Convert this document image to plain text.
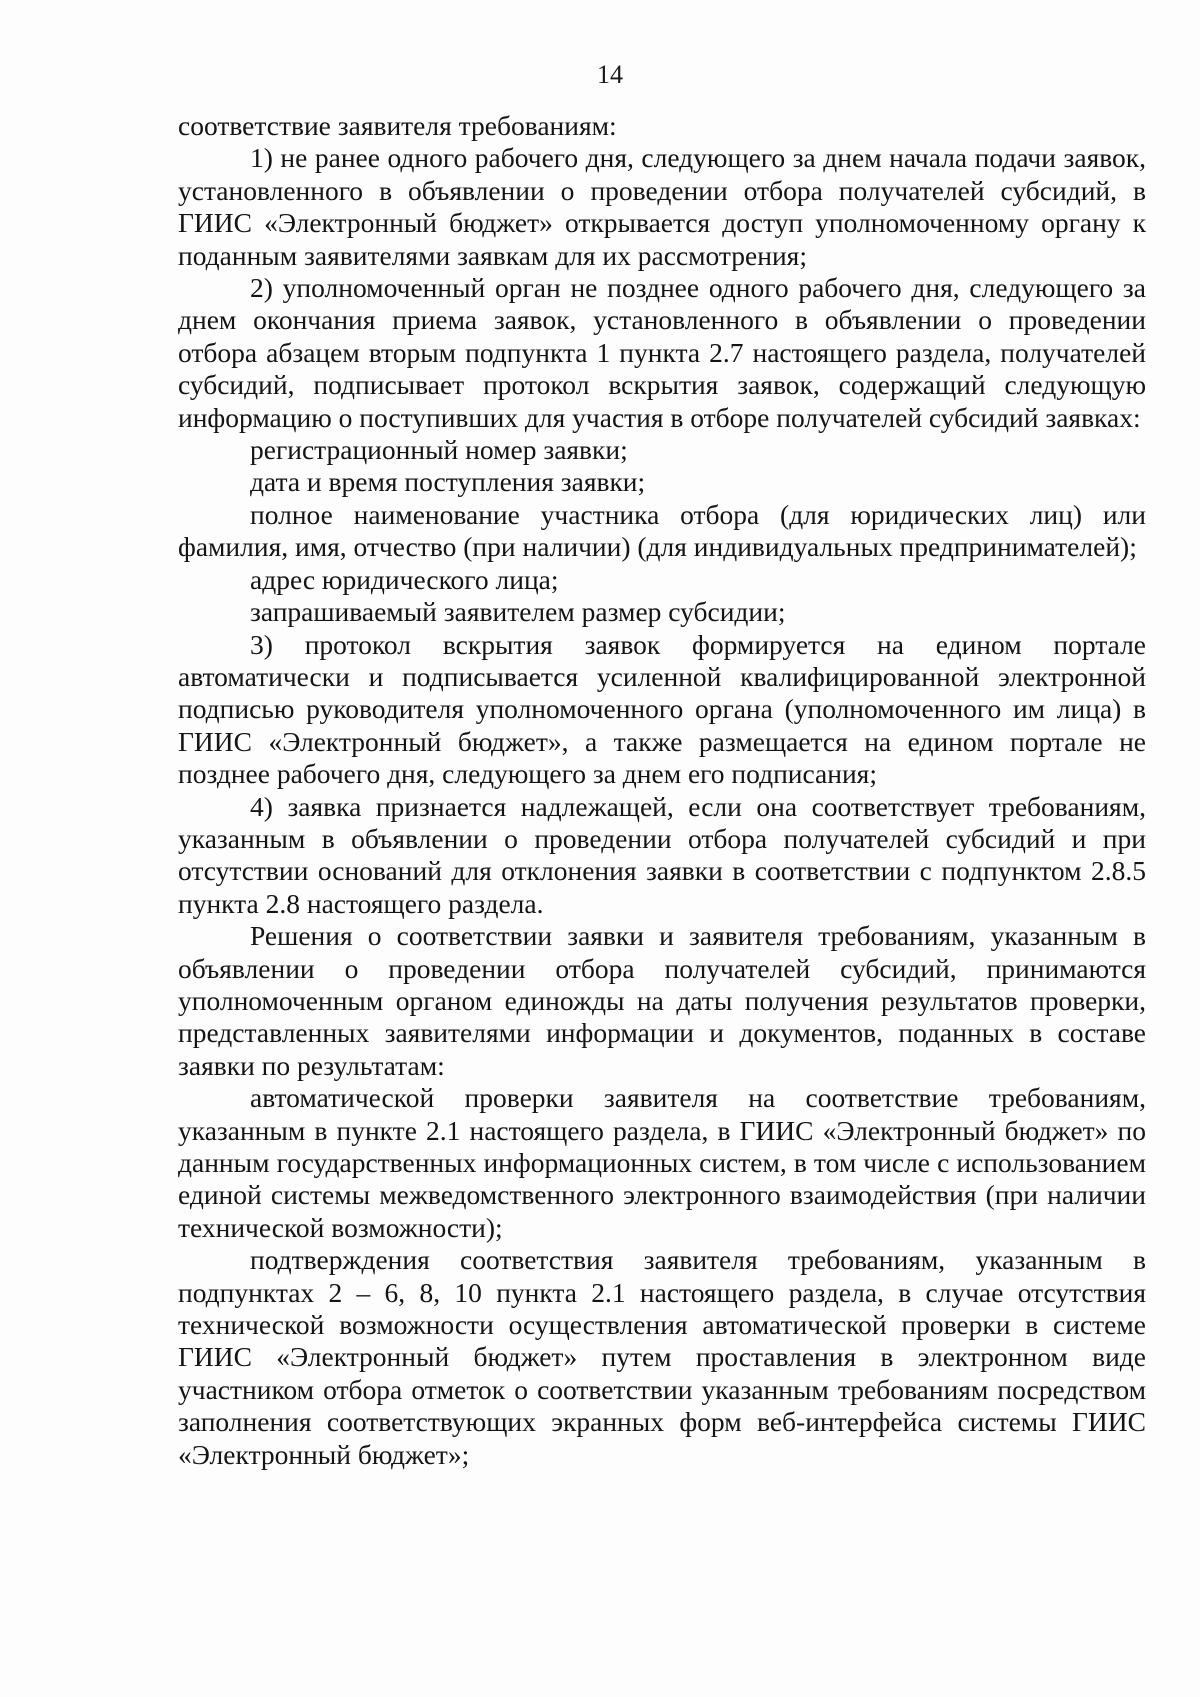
14

соответствие заявителя требованиям:

1) не ранее одного рабочего дня, следующего за днем начала подачи заявок, установленного в объявлении о проведении отбора получателей субсидий, в ГИИС «Электронный бюджет» открывается доступ уполномоченному органу к поданным заявителями заявкам для их рассмотрения;

2) уполномоченный орган не позднее одного рабочего дня, следующего за днем окончания приема заявок, установленного в объявлении о проведении отбора абзацем вторым подпункта 1 пункта 2.7 настоящего раздела, получателей субсидий, подписывает протокол вскрытия заявок, содержащий следующую информацию о поступивших для участия в отборе получателей субсидий заявках:

регистрационный номер заявки;

дата и время поступления заявки;

полное наименование участника отбора (для юридических лиц) или фамилия, имя, отчество (при наличии) (для индивидуальных предпринимателей);

адрес юридического лица;

запрашиваемый заявителем размер субсидии;

3) протокол вскрытия заявок формируется на едином портале автоматически и подписывается усиленной квалифицированной электронной подписью руководителя уполномоченного органа (уполномоченного им лица) в ГИИС «Электронный бюджет», а также размещается на едином портале не позднее рабочего дня, следующего за днем его подписания;

4) заявка признается надлежащей, если она соответствует требованиям, указанным в объявлении о проведении отбора получателей субсидий и при отсутствии оснований для отклонения заявки в соответствии с подпунктом 2.8.5 пункта 2.8 настоящего раздела.

Решения о соответствии заявки и заявителя требованиям, указанным в объявлении о проведении отбора получателей субсидий, принимаются уполномоченным органом единожды на даты получения результатов проверки, представленных заявителями информации и документов, поданных в составе заявки по результатам:

автоматической проверки заявителя на соответствие требованиям, указанным в пункте 2.1 настоящего раздела, в ГИИС «Электронный бюджет» по данным государственных информационных систем, в том числе с использованием единой системы межведомственного электронного взаимодействия (при наличии технической возможности);

подтверждения соответствия заявителя требованиям, указанным в подпунктах 2 – 6, 8, 10 пункта 2.1 настоящего раздела, в случае отсутствия технической возможности осуществления автоматической проверки в системе ГИИС «Электронный бюджет» путем проставления в электронном виде участником отбора отметок о соответствии указанным требованиям посредством заполнения соответствующих экранных форм веб-интерфейса системы ГИИС «Электронный бюджет»;
